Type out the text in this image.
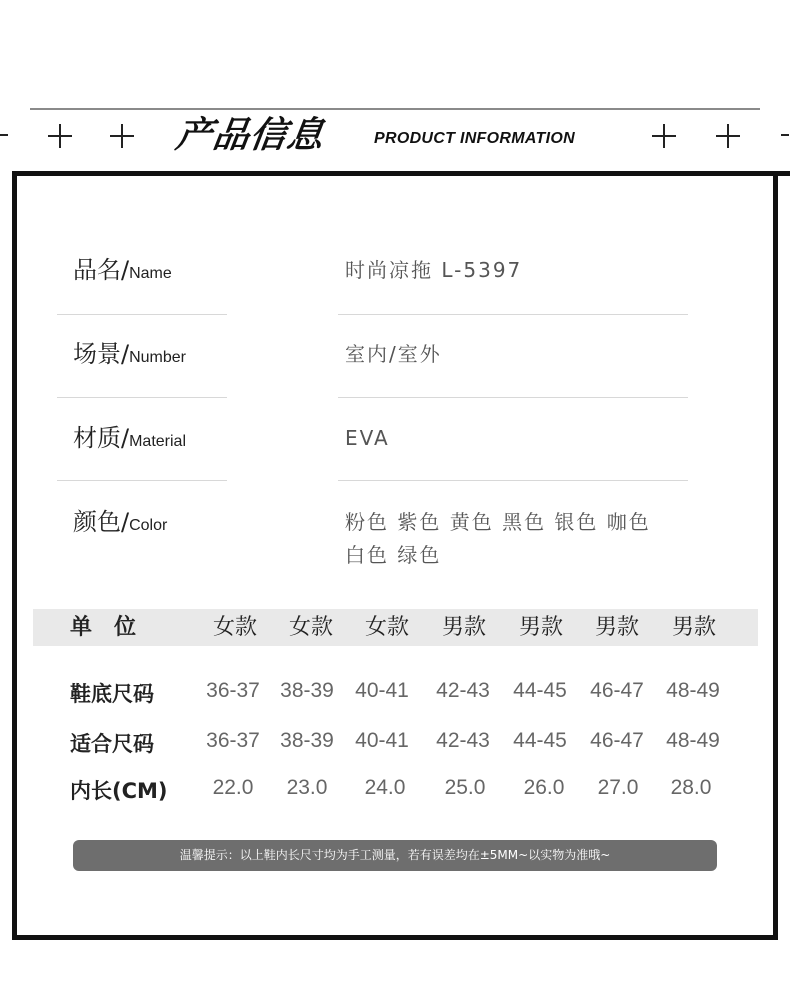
产品信息	PRODUCT INFORMATION
品名/Name	时尚凉拖 L-5397
场景/Number	室内/室外
材质/Material	EVA
颜色/Color	粉色 紫色 黄色 黑色 银色 咖色
白色 绿色
单　位	女款	女款	女款	男款	男款	男款	男款
鞋底尺码	36-37 38-39	40-41	42-43	44-45	46-47	48-49
适合尺码	36-37 38-39	40-41	42-43	44-45	46-47	48-49
内长(CM)	22.0	23.0	24.0	25.0	26.0	27.0	28.0
温馨提示：以上鞋内长尺寸均为手工测量，若有误差均在±5MM~以实物为准哦~
